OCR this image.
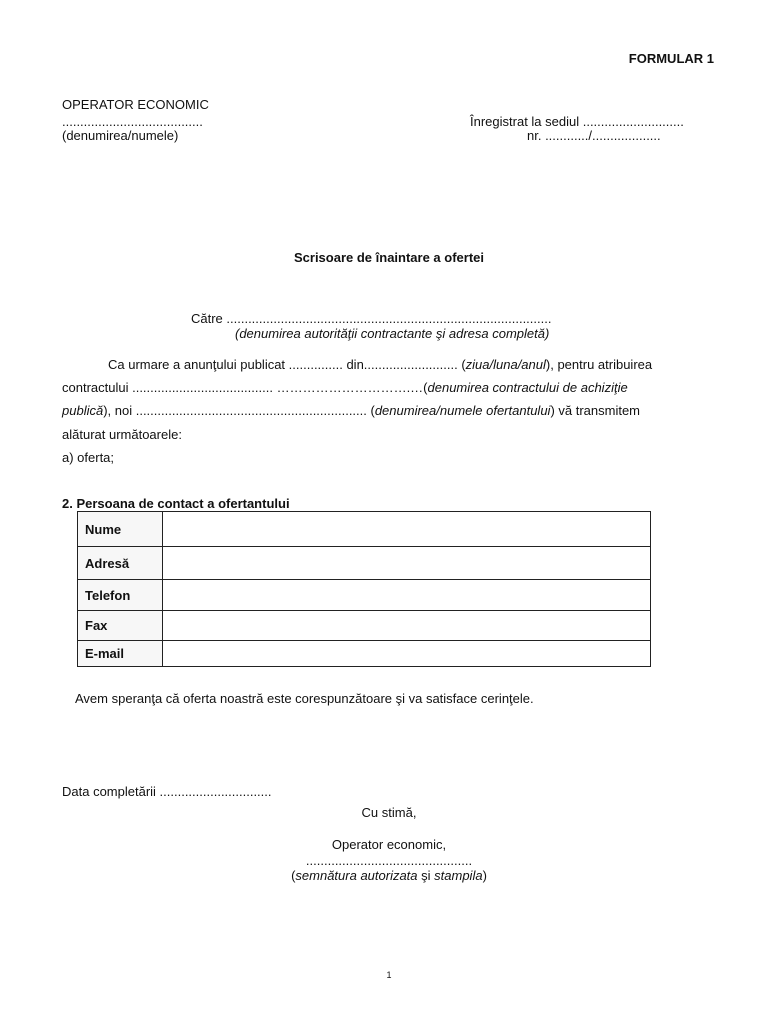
FORMULAR 1
OPERATOR ECONOMIC
.......................................
(denumirea/numele)
Înregistrat la sediul ............................
nr. ............/...................
Scrisoare de înaintare a ofertei
Către ..........................................................................................
(denumirea autorităţii contractante şi adresa completă)
Ca urmare a anunţului publicat ............... din.......................... (ziua/luna/anul), pentru atribuirea
contractului ....................................... ………………………….…(denumirea contractului de achiziţie
publică), noi ................................................................ (denumirea/numele ofertantului) vă transmitem
alăturat următoarele:
a) oferta;
2. Persoana de contact a ofertantului
Nume	
Adresă	
Telefon	
Fax	
E-mail	
Avem speranţa că oferta noastră este corespunzătoare şi va satisface cerinţele.
Data completării ...............................
Cu stimă,
Operator economic,
..............................................
(semnătura autorizata şi stampila)
1
